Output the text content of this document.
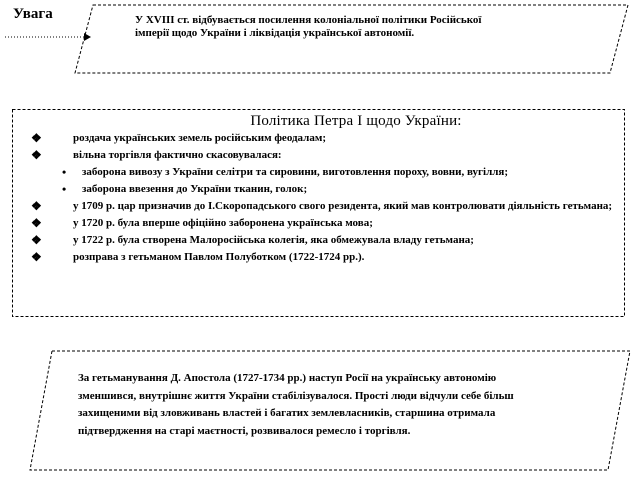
Увага	У XVIII ст. відбувається посилення колоніальної політики Російської імперії щодо України і ліквідація української автономії.
Політика Петра І щодо України:
❖	роздача українських земель російським феодалам;
❖	вільна торгівля фактично скасовувалася:
•	заборона вивозу з України селітри та сировини, виготовлення пороху, вовни, вугілля;
•	заборона ввезення до України тканин, голок;
❖	у 1709 р. цар призначив до І.Скоропадського свого резидента, який мав контролювати діяльність гетьмана;
❖	у 1720 р. була вперше офіційно заборонена українська мова;
❖	у 1722 р. була створена Малоросійська колегія, яка обмежувала владу гетьмана;
❖	розправа з гетьманом Павлом Полуботком (1722-1724 рр.).
За гетьманування Д. Апостола (1727-1734 рр.) наступ Росії на українську автономію зменшився, внутрішнє життя України стабілізувалося. Прості люди відчули себе більш захищеними від зловживань властей і багатих землевласників, старшина отримала підтвердження на старі маєтності, розвивалося ремесло і торгівля.
